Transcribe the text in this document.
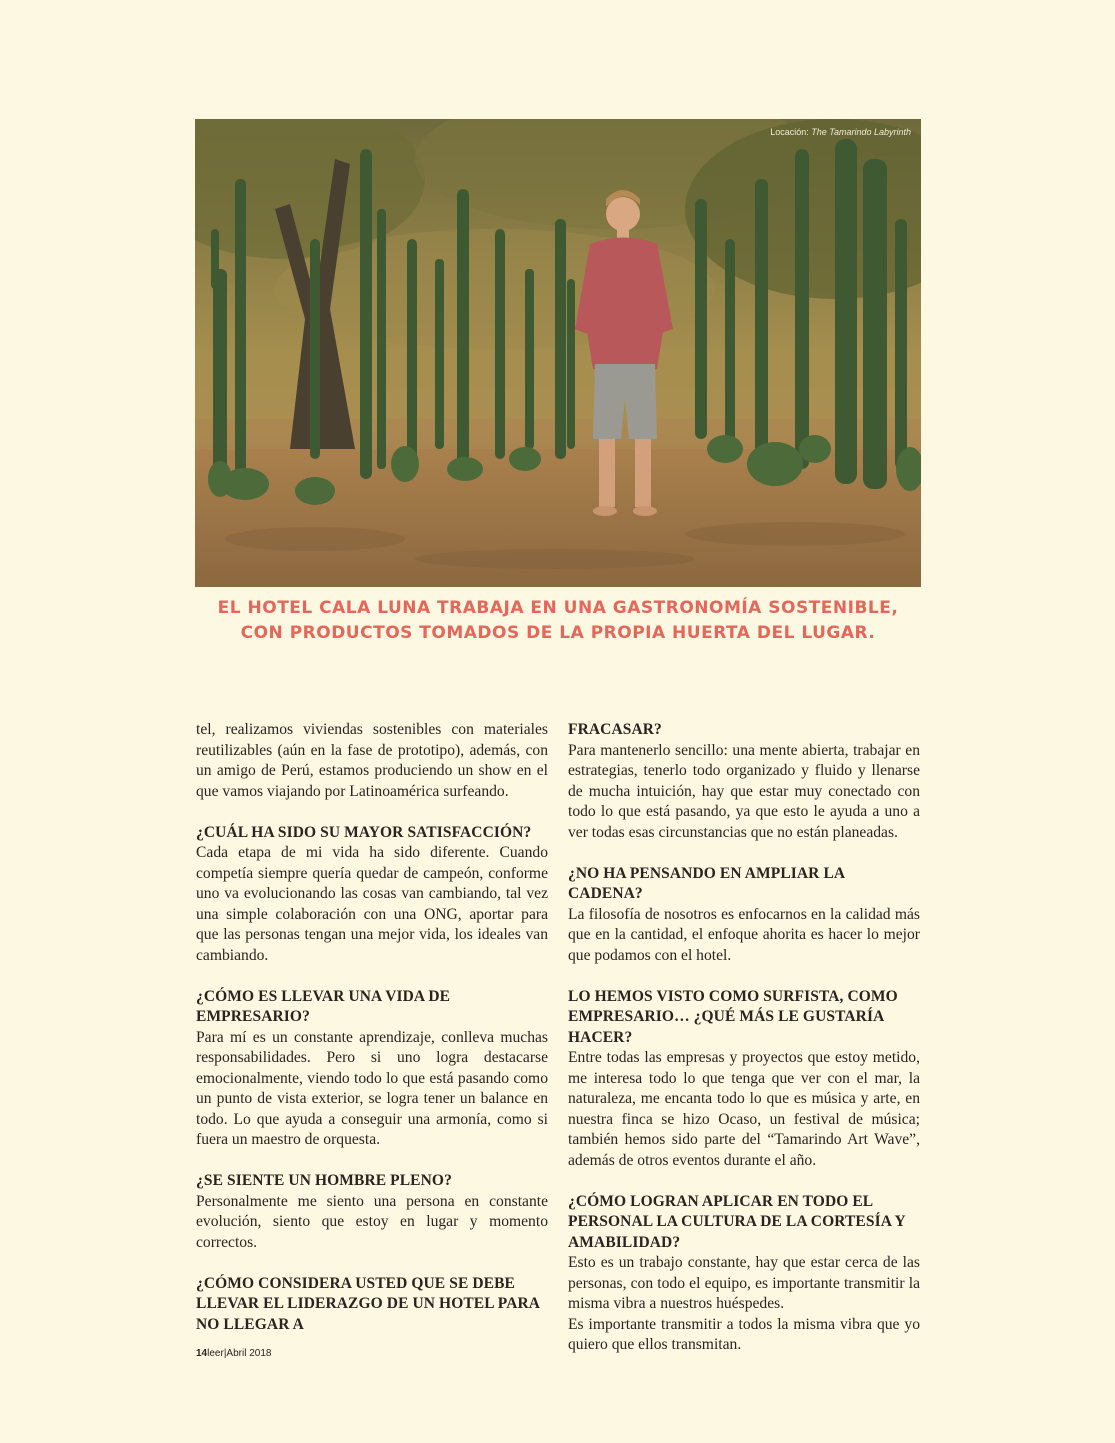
Locación: The Tamarindo Labyrinth
EL HOTEL CALA LUNA TRABAJA EN UNA GASTRONOMÍA SOSTENIBLE, CON PRODUCTOS TOMADOS DE LA PROPIA HUERTA DEL LUGAR.

tel, realizamos viviendas sostenibles con materiales reutilizables (aún en la fase de prototipo), además, con un amigo de Perú, estamos produciendo un show en el que vamos viajando por Latinoamérica surfeando.

¿CUÁL HA SIDO SU MAYOR SATISFACCIÓN?

Cada etapa de mi vida ha sido diferente. Cuando competía siempre quería quedar de campeón, conforme uno va evolucionando las cosas van cambiando, tal vez una simple colaboración con una ONG, aportar para que las personas tengan una mejor vida, los ideales van cambiando.

¿CÓMO ES LLEVAR UNA VIDA DE EMPRESARIO?

Para mí es un constante aprendizaje, conlleva muchas responsabilidades. Pero si uno logra destacarse emocionalmente, viendo todo lo que está pasando como un punto de vista exterior, se logra tener un balance en todo. Lo que ayuda a conseguir una armonía, como si fuera un maestro de orquesta.

¿SE SIENTE UN HOMBRE PLENO?

Personalmente me siento una persona en constante evolución, siento que estoy en lugar y momento correctos.

¿CÓMO CONSIDERA USTED QUE SE DEBE LLEVAR EL LIDERAZGO DE UN HOTEL PARA NO LLEGAR A
FRACASAR?

Para mantenerlo sencillo: una mente abierta, trabajar en estrategias, tenerlo todo organizado y fluido y llenarse de mucha intuición, hay que estar muy conectado con todo lo que está pasando, ya que esto le ayuda a uno a ver todas esas circunstancias que no están planeadas.

¿NO HA PENSANDO EN AMPLIAR LA CADENA?

La filosofía de nosotros es enfocarnos en la calidad más que en la cantidad, el enfoque ahorita es hacer lo mejor que podamos con el hotel.

LO HEMOS VISTO COMO SURFISTA, COMO EMPRESARIO… ¿QUÉ MÁS LE GUSTARÍA HACER?

Entre todas las empresas y proyectos que estoy metido, me interesa todo lo que tenga que ver con el mar, la naturaleza, me encanta todo lo que es música y arte, en nuestra finca se hizo Ocaso, un festival de música; también hemos sido parte del “Tamarindo Art Wave”, además de otros eventos durante el año.

¿CÓMO LOGRAN APLICAR EN TODO EL PERSONAL LA CULTURA DE LA CORTESÍA Y AMABILIDAD?

Esto es un trabajo constante, hay que estar cerca de las personas, con todo el equipo, es importante transmitir la misma vibra a nuestros huéspedes.

Es importante transmitir a todos la misma vibra que yo quiero que ellos transmitan.

14leer|Abril 2018
